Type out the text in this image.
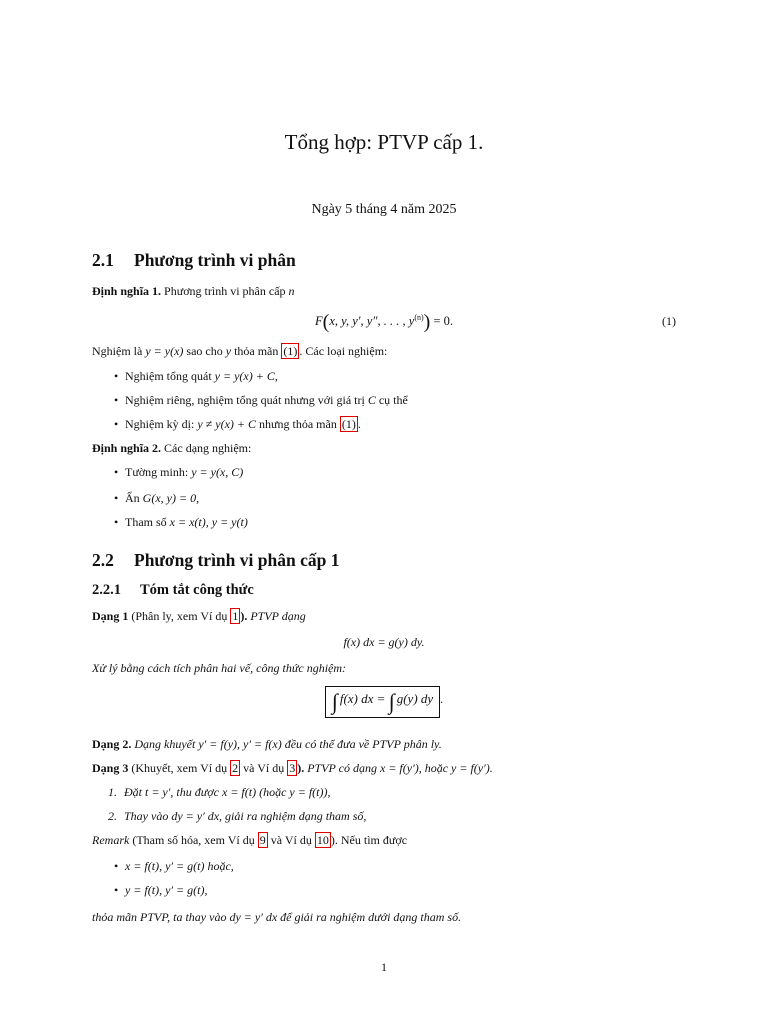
Tổng hợp: PTVP cấp 1.
Ngày 5 tháng 4 năm 2025
2.1 Phương trình vi phân
Định nghĩa 1. Phương trình vi phân cấp n
F(x, y, y′, y″, . . . , $y^{(n)}) = 0$.	(1)
Nghiệm là y = y(x) sao cho y thỏa mãn (1) . Các loại nghiệm:
• Nghiệm tổng quát y = y(x) + C,
• Nghiệm riêng, nghiệm tổng quát nhưng với giá trị C cụ thể
• Nghiệm kỳ dị: y ≠ y(x) + C nhưng thỏa mãn (1) .
Định nghĩa 2. Các dạng nghiệm:
• Tường minh: y = y(x, C)
• Ẩn G(x, y) = 0,
• Tham số x = x(t), y = y(t)
2.2 Phương trình vi phân cấp 1
2.2.1 Tóm tắt công thức
Dạng 1 (Phân ly, xem Ví dụ 1 ). PTVP dạng
f(x) dx = g(y) dy.
Xử lý bằng cách tích phân hai vế, công thức nghiệm:
∫ f(x) dx = ∫ g(y) dy .
Dạng 2. Dạng khuyết y′ = f(y), y′ = f(x) đều có thể đưa về PTVP phân ly.
Dạng 3 (Khuyết, xem Ví dụ 2 và Ví dụ 3 ). PTVP có dạng x = f(y′), hoặc y = f(y′).
1. Đặt t = y′, thu được x = f(t) (hoặc y = f(t)),
2. Thay vào dy = y′ dx, giải ra nghiệm dạng tham số,
Remark (Tham số hóa, xem Ví dụ 9 và Ví dụ 10 ). Nếu tìm được
• x = f(t), y′ = g(t) hoặc,
• y = f(t), y′ = g(t),
thỏa mãn PTVP, ta thay vào dy = y′ dx để giải ra nghiệm dưới dạng tham số.
1
